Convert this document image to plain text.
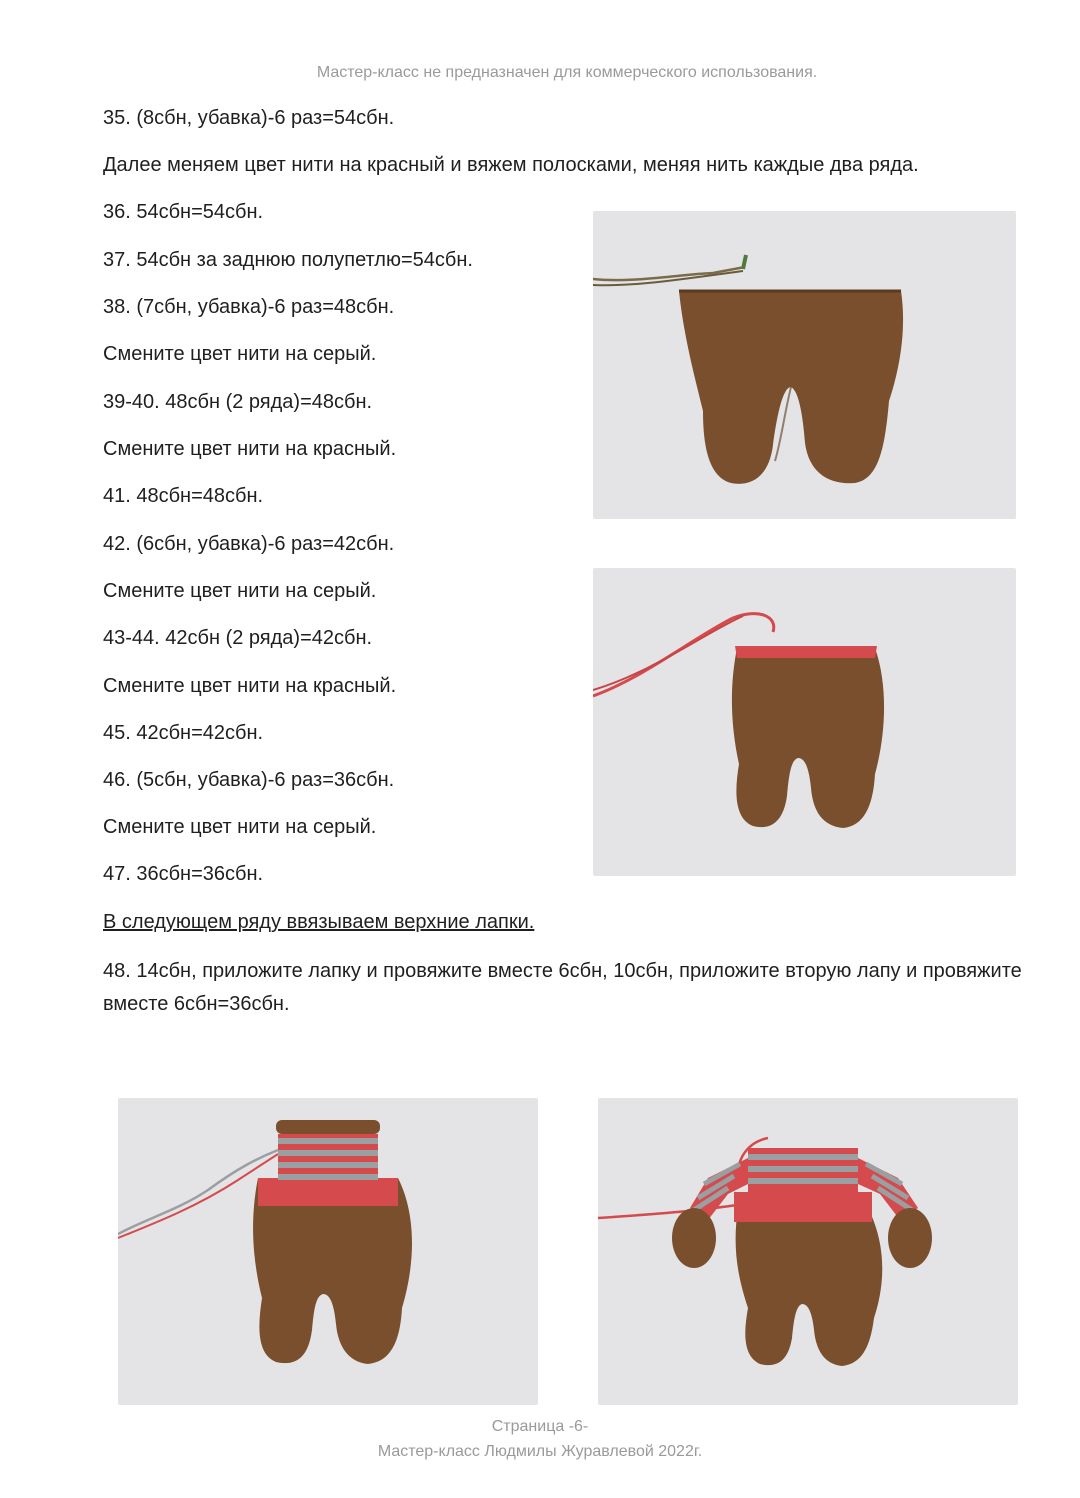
Мастер-класс не предназначен для коммерческого использования.
35. (8сбн, убавка)-6 раз=54сбн.
Далее меняем цвет нити на красный и вяжем полосками, меняя нить каждые два ряда.
36. 54сбн=54сбн.
37. 54сбн за заднюю полупетлю=54сбн.
38. (7сбн, убавка)-6 раз=48сбн.
Смените цвет нити на серый.
39-40. 48сбн (2 ряда)=48сбн.
Смените цвет нити на красный.
41. 48сбн=48сбн.
42. (6сбн, убавка)-6 раз=42сбн.
Смените цвет нити на серый.
43-44. 42сбн (2 ряда)=42сбн.
Смените цвет нити на красный.
45. 42сбн=42сбн.
46. (5сбн, убавка)-6 раз=36сбн.
Смените цвет нити на серый.
47. 36сбн=36сбн.
В следующем ряду ввязываем верхние лапки.
48. 14сбн, приложите лапку и провяжите вместе 6сбн, 10сбн, приложите вторую лапу и провяжите вместе 6сбн=36сбн.
Страница -6-
Мастер-класс Людмилы Журавлевой 2022г.
